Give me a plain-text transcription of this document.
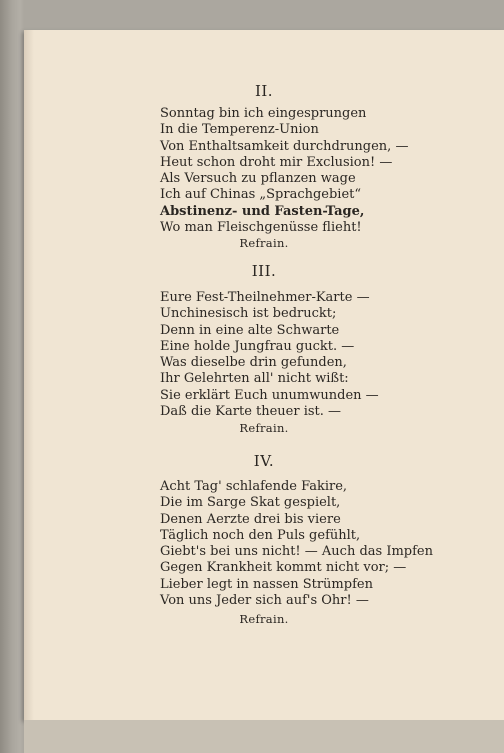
II.
Sonntag bin ich eingesprungen
In die Temperenz-Union
Von Enthaltsamkeit durchdrungen, —
Heut schon droht mir Exclusion! —
Als Versuch zu pflanzen wage
Ich auf Chinas „Sprachgebiet“
Abstinenz- und Fasten-Tage,
Wo man Fleischgenüsse flieht!
Refrain.
III.
Eure Fest-Theilnehmer-Karte —
Unchinesisch ist bedruckt;
Denn in eine alte Schwarte
Eine holde Jungfrau guckt. —
Was dieselbe drin gefunden,
Ihr Gelehrten all' nicht wißt:
Sie erklärt Euch unumwunden —
Daß die Karte theuer ist. —
Refrain.
IV.
Acht Tag' schlafende Fakire,
Die im Sarge Skat gespielt,
Denen Aerzte drei bis viere
Täglich noch den Puls gefühlt,
Giebt's bei uns nicht! — Auch das Impfen
Gegen Krankheit kommt nicht vor; —
Lieber legt in nassen Strümpfen
Von uns Jeder sich auf's Ohr! —
Refrain.
